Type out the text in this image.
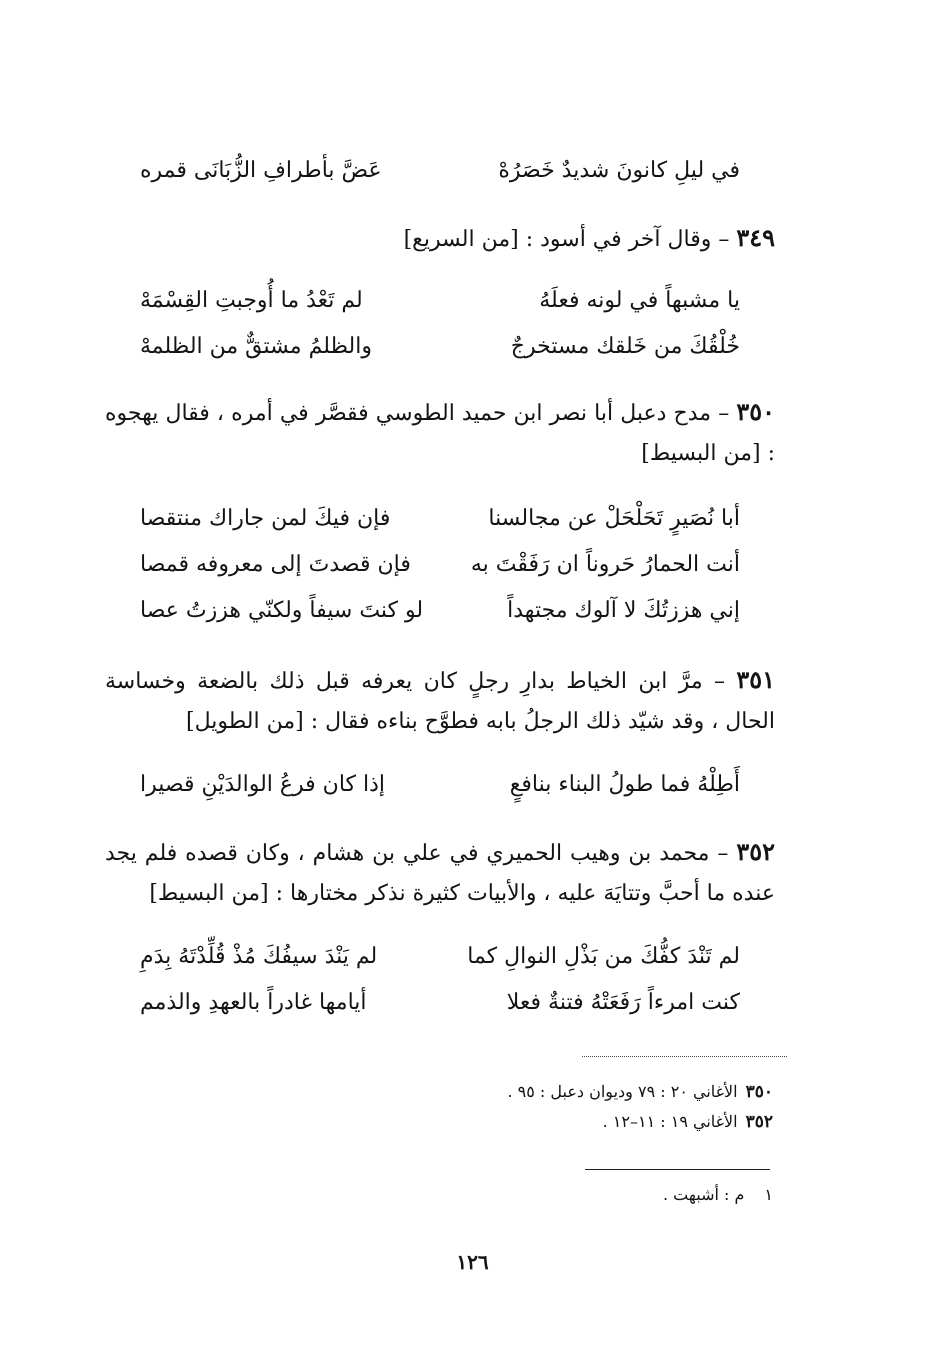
في ليلِ كانونَ شديدٌ خَصَرُهْ
عَضَّ بأطرافِ الزُّبَانَى قمره
٣٤٩ – وقال آخر في أسود : [من السريع]
يا مشبهاً في لونه فعلَهُ
لم تَعْدُ ما أُوجبتِ القِسْمَهْ
خُلْقُكَ من خَلقك مستخرجٌ
والظلمُ مشتقٌّ من الظلمهْ
٣٥٠ – مدح دعبل أبا نصر ابن حميد الطوسي فقصَّر في أمره ، فقال يهجوه : [من البسيط]
أبا نُصَيرٍ تَحَلْحَلْ عن مجالسنا
فإن فيكَ لمن جاراك منتقصا
أنت الحمارُ حَروناً ان رَفَقْتَ به
فإن قصدتَ إلى معروفه قمصا
إني هززتُكَ لا آلوك مجتهداً
لو كنتَ سيفاً ولكنّي هززتُ عصا
٣٥١ – مرَّ ابن الخياط بدارِ رجلٍ كان يعرفه قبل ذلك بالضعة وخساسة الحال ، وقد شيّد ذلك الرجلُ بابه فطوَّح بناءه فقال : [من الطويل]
أَطِلْهُ فما طولُ البناء بنافعٍ
إذا كان فرعُ الوالدَيْنِ قصيرا
٣٥٢ – محمد بن وهيب الحميري في علي بن هشام ، وكان قصده فلم يجد عنده ما أحبَّ وتتايَهَ عليه ، والأبيات كثيرة نذكر مختارها : [من البسيط]
لم تَنْدَ كفُّكَ من بَذْلِ النوالِ كما
لم يَنْدَ سيفُكَ مُذْ قُلِّدْتَهُ بِدَمِ
كنت امرءاً رَفَعَتْهُ فتنةٌ فعلا
أيامها غادراً بالعهدِ والذمم
٣٥٠الأغاني ٢٠ : ٧٩ وديوان دعبل : ٩٥ .
٣٥٢الأغاني ١٩ : ١١–١٢ .
١م : أشبهت .
١٢٦
